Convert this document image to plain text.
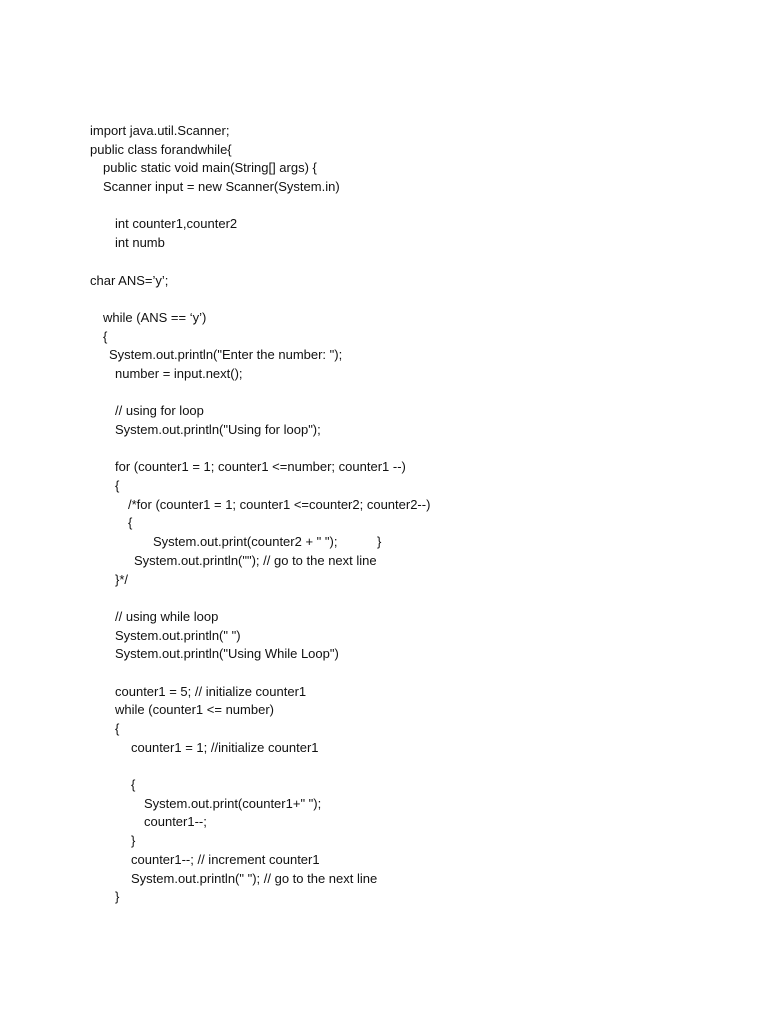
import java.util.Scanner;
public class forandwhile{
public static void main(String[] args) {
Scanner input = new Scanner(System.in)
int counter1,counter2
int numb
char ANS=’y’;
while (ANS == ‘y’)
{
System.out.println("Enter the number: ");
number = input.next();
// using for loop
System.out.println("Using for loop");
for (counter1 = 1; counter1 <=number; counter1 --)
{
/*for (counter1 = 1; counter1 <=counter2; counter2--)
{
System.out.print(counter2 + " ");	}
System.out.println(""); // go to the next line
}*/
// using while loop
System.out.println(" ")
System.out.println("Using While Loop")
counter1 = 5; // initialize counter1
while (counter1 <= number)
{
counter1 = 1; //initialize counter1
{
System.out.print(counter1+" ");
counter1--;
}
counter1--; // increment counter1
System.out.println(" "); // go to the next line
}
